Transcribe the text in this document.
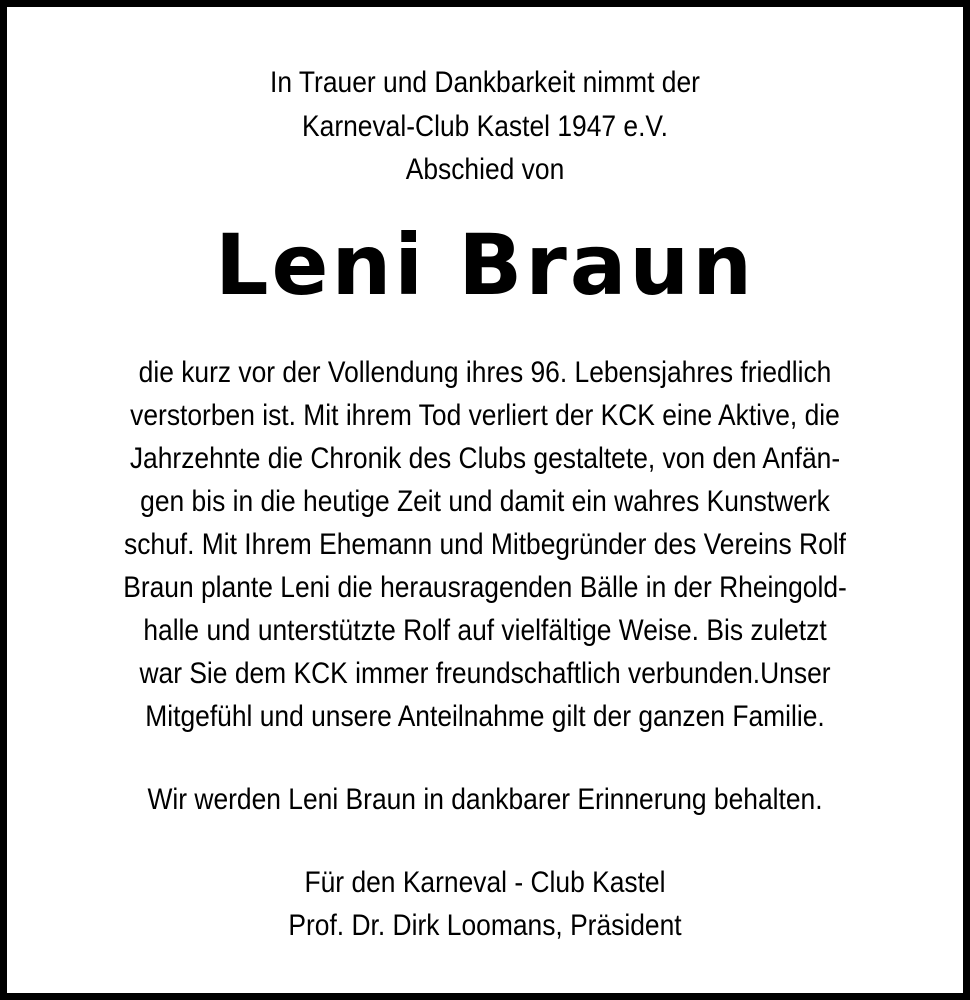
In Trauer und Dankbarkeit nimmt der
Karneval-Club Kastel 1947 e.V.
Abschied von
Leni Braun
die kurz vor der Vollendung ihres 96. Lebensjahres friedlich
verstorben ist. Mit ihrem Tod verliert der KCK eine Aktive, die
Jahrzehnte die Chronik des Clubs gestaltete, von den Anfän-
gen bis in die heutige Zeit und damit ein wahres Kunstwerk
schuf. Mit Ihrem Ehemann und Mitbegründer des Vereins Rolf
Braun plante Leni die herausragenden Bälle in der Rheingold-
halle und unterstützte Rolf auf vielfältige Weise. Bis zuletzt
war Sie dem KCK immer freundschaftlich verbunden.Unser
Mitgefühl und unsere Anteilnahme gilt der ganzen Familie.
Wir werden Leni Braun in dankbarer Erinnerung behalten.
Für den Karneval - Club Kastel
Prof. Dr. Dirk Loomans, Präsident
